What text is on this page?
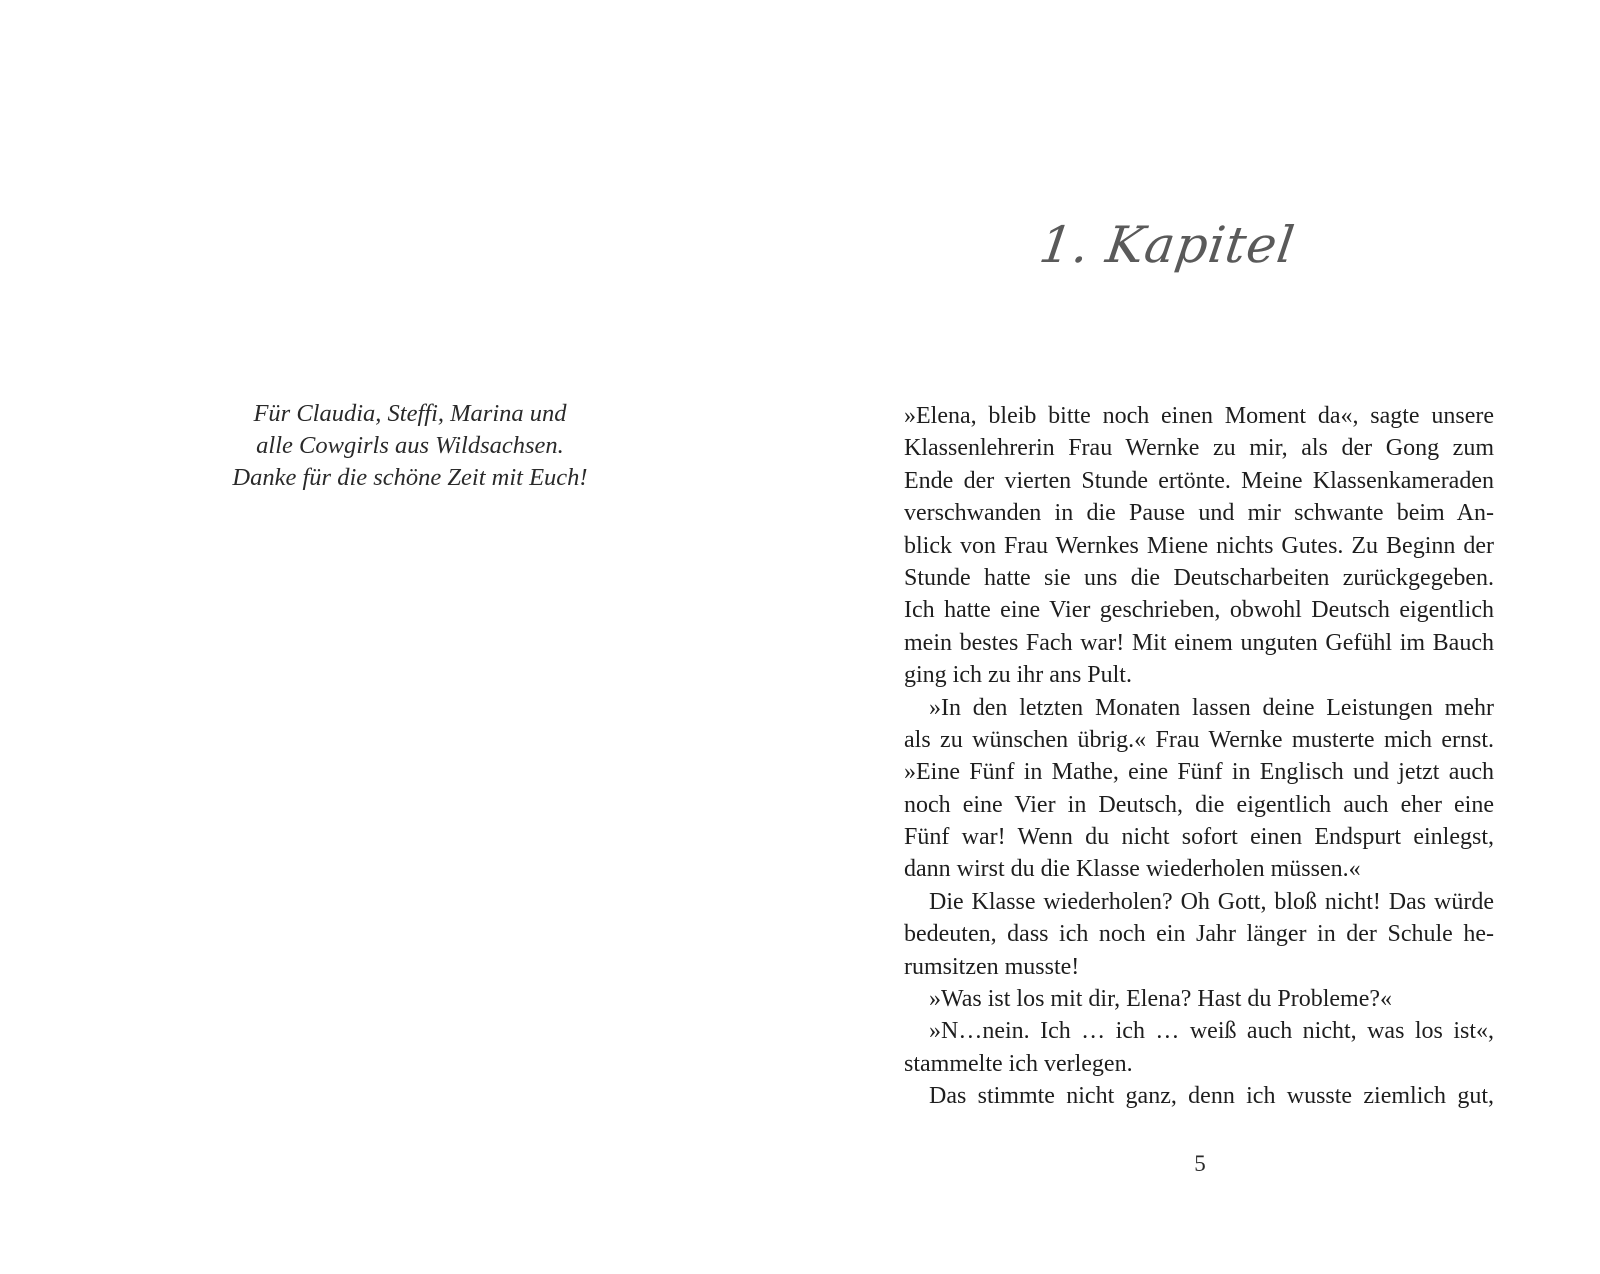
Für Claudia, Steffi, Marina und
alle Cowgirls aus Wildsachsen.
Danke für die schöne Zeit mit Euch!
1. Kapitel
»Elena, bleib bitte noch einen Moment da«, sagte unsere
Klassenlehrerin Frau Wernke zu mir, als der Gong zum
Ende der vierten Stunde ertönte. Meine Klassenkameraden
verschwanden in die Pause und mir schwante beim An-
blick von Frau Wernkes Miene nichts Gutes. Zu Beginn der
Stunde hatte sie uns die Deutscharbeiten zurückgegeben.
Ich hatte eine Vier geschrieben, obwohl Deutsch eigentlich
mein bestes Fach war! Mit einem unguten Gefühl im Bauch
ging ich zu ihr ans Pult.
»In den letzten Monaten lassen deine Leistungen mehr
als zu wünschen übrig.« Frau Wernke musterte mich ernst.
»Eine Fünf in Mathe, eine Fünf in Englisch und jetzt auch
noch eine Vier in Deutsch, die eigentlich auch eher eine
Fünf war! Wenn du nicht sofort einen Endspurt einlegst,
dann wirst du die Klasse wiederholen müssen.«
Die Klasse wiederholen? Oh Gott, bloß nicht! Das würde
bedeuten, dass ich noch ein Jahr länger in der Schule he-
rumsitzen musste!
»Was ist los mit dir, Elena? Hast du Probleme?«
»N…nein. Ich … ich … weiß auch nicht, was los ist«,
stammelte ich verlegen.
Das stimmte nicht ganz, denn ich wusste ziemlich gut,
5
